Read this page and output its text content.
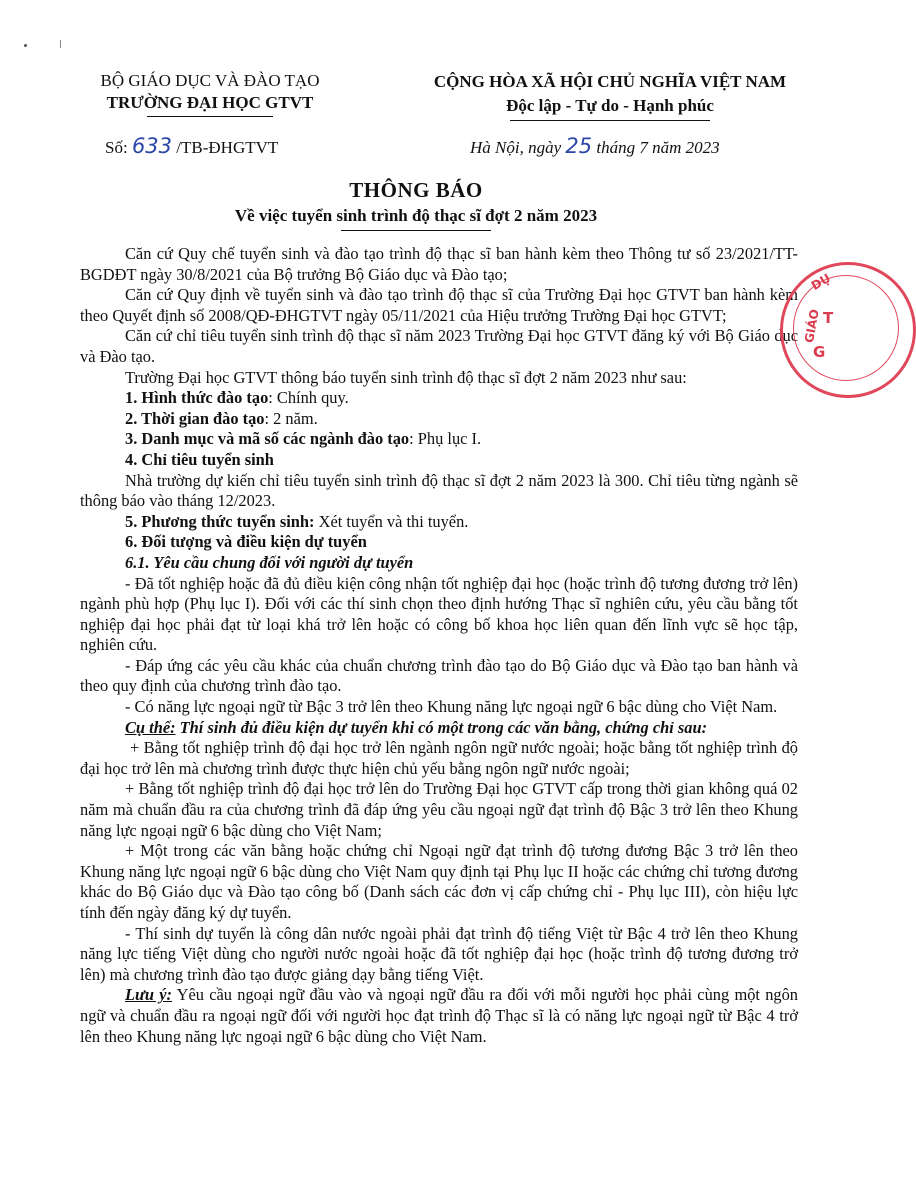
BỘ GIÁO DỤC VÀ ĐÀO TẠO
TRƯỜNG ĐẠI HỌC GTVT
CỘNG HÒA XÃ HỘI CHỦ NGHĨA VIỆT NAM
Độc lập - Tự do - Hạnh phúc
Số: 633 /TB-ĐHGTVT	Hà Nội, ngày 25 tháng 7 năm 2023
THÔNG BÁO
Về việc tuyển sinh trình độ thạc sĩ đợt 2 năm 2023

Căn cứ Quy chế tuyển sinh và đào tạo trình độ thạc sĩ ban hành kèm theo Thông tư số 23/2021/TT-BGDĐT ngày 30/8/2021 của Bộ trưởng Bộ Giáo dục và Đào tạo;

Căn cứ Quy định về tuyển sinh và đào tạo trình độ thạc sĩ của Trường Đại học GTVT ban hành kèm theo Quyết định số 2008/QĐ-ĐHGTVT ngày 05/11/2021 của Hiệu trưởng Trường Đại học GTVT;

Căn cứ chỉ tiêu tuyển sinh trình độ thạc sĩ năm 2023 Trường Đại học GTVT đăng ký với Bộ Giáo dục và Đào tạo.

Trường Đại học GTVT thông báo tuyển sinh trình độ thạc sĩ đợt 2 năm 2023 như sau:

1. Hình thức đào tạo: Chính quy.

2. Thời gian đào tạo: 2 năm.

3. Danh mục và mã số các ngành đào tạo: Phụ lục I.

4. Chỉ tiêu tuyển sinh

Nhà trường dự kiến chỉ tiêu tuyển sinh trình độ thạc sĩ đợt 2 năm 2023 là 300. Chỉ tiêu từng ngành sẽ thông báo vào tháng 12/2023.

5. Phương thức tuyển sinh: Xét tuyển và thi tuyển.

6. Đối tượng và điều kiện dự tuyển

6.1. Yêu cầu chung đối với người dự tuyển

- Đã tốt nghiệp hoặc đã đủ điều kiện công nhận tốt nghiệp đại học (hoặc trình độ tương đương trở lên) ngành phù hợp (Phụ lục I). Đối với các thí sinh chọn theo định hướng Thạc sĩ nghiên cứu, yêu cầu bằng tốt nghiệp đại học phải đạt từ loại khá trở lên hoặc có công bố khoa học liên quan đến lĩnh vực sẽ học tập, nghiên cứu.

- Đáp ứng các yêu cầu khác của chuẩn chương trình đào tạo do Bộ Giáo dục và Đào tạo ban hành và theo quy định của chương trình đào tạo.

- Có năng lực ngoại ngữ từ Bậc 3 trở lên theo Khung năng lực ngoại ngữ 6 bậc dùng cho Việt Nam.

Cụ thể: Thí sinh đủ điều kiện dự tuyển khi có một trong các văn bằng, chứng chỉ sau:

+ Bằng tốt nghiệp trình độ đại học trở lên ngành ngôn ngữ nước ngoài; hoặc bằng tốt nghiệp trình độ đại học trở lên mà chương trình được thực hiện chủ yếu bằng ngôn ngữ nước ngoài;

+ Bằng tốt nghiệp trình độ đại học trở lên do Trường Đại học GTVT cấp trong thời gian không quá 02 năm mà chuẩn đầu ra của chương trình đã đáp ứng yêu cầu ngoại ngữ đạt trình độ Bậc 3 trở lên theo Khung năng lực ngoại ngữ 6 bậc dùng cho Việt Nam;

+ Một trong các văn bằng hoặc chứng chỉ Ngoại ngữ đạt trình độ tương đương Bậc 3 trở lên theo Khung năng lực ngoại ngữ 6 bậc dùng cho Việt Nam quy định tại Phụ lục II hoặc các chứng chỉ tương đương khác do Bộ Giáo dục và Đào tạo công bố (Danh sách các đơn vị cấp chứng chỉ - Phụ lục III), còn hiệu lực tính đến ngày đăng ký dự tuyển.

- Thí sinh dự tuyển là công dân nước ngoài phải đạt trình độ tiếng Việt từ Bậc 4 trở lên theo Khung năng lực tiếng Việt dùng cho người nước ngoài hoặc đã tốt nghiệp đại học (hoặc trình độ tương đương trở lên) mà chương trình đào tạo được giảng dạy bằng tiếng Việt.

Lưu ý: Yêu cầu ngoại ngữ đầu vào và ngoại ngữ đầu ra đối với mỗi người học phải cùng một ngôn ngữ và chuẩn đầu ra ngoại ngữ đối với người học đạt trình độ Thạc sĩ là có năng lực ngoại ngữ từ Bậc 4 trở lên theo Khung năng lực ngoại ngữ 6 bậc dùng cho Việt Nam.

GIÁO
DỤ
T
G
